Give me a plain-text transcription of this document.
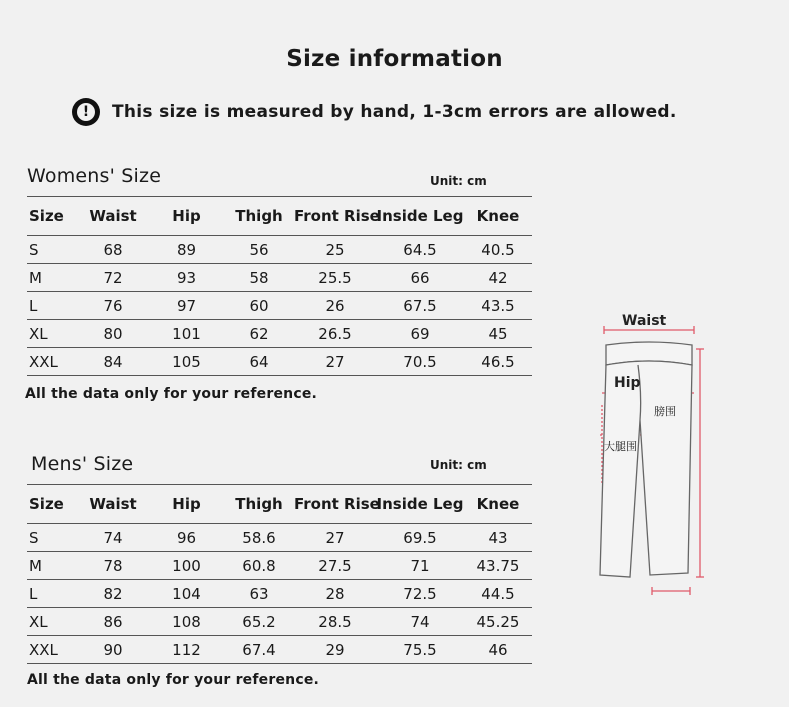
Size information
!	This size is measured by hand, 1-3cm errors are allowed.
Womens' Size	Unit: cm
Size	Waist	Hip	Thigh	Front Rise	Inside Leg	Knee
S	68	89	56	25	64.5	40.5
M	72	93	58	25.5	66	42
L	76	97	60	26	67.5	43.5
XL	80	101	62	26.5	69	45
XXL	84	105	64	27	70.5	46.5
All the data only for your reference.
Mens' Size	Unit: cm
Size	Waist	Hip	Thigh	Front Rise	Inside Leg	Knee
S	74	96	58.6	27	69.5	43
M	78	100	60.8	27.5	71	43.75
L	82	104	63	28	72.5	44.5
XL	86	108	65.2	28.5	74	45.25
XXL	90	112	67.4	29	75.5	46
All the data only for your reference.
Waist
Hip
膀围
大腿围
